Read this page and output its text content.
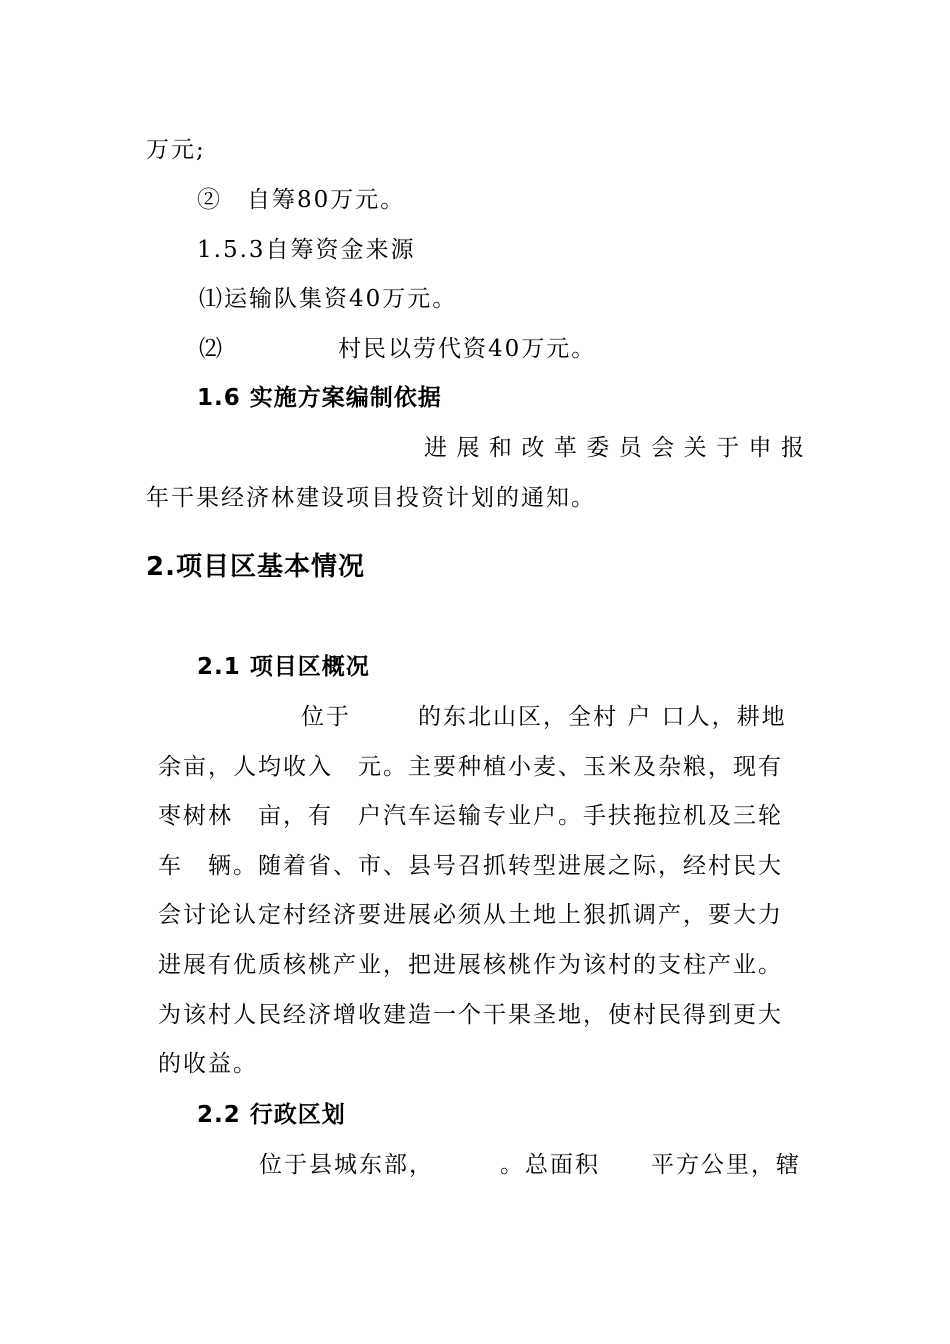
万元;
②　自筹80万元。
1.5.3自筹资金来源
⑴运输队集资40万元。
⑵	村民以劳代资40万元。
1.6 实施方案编制依据
进展和改革委员会关于申报
年干果经济林建设项目投资计划的通知。
2.项目区基本情况
2.1 项目区概况
位于	的东北山区，全村 户 口人，耕地
余亩，人均收入　元。主要种植小麦、玉米及杂粮，现有
枣树林　亩，有　户汽车运输专业户。手扶拖拉机及三轮
车　辆。随着省、市、县号召抓转型进展之际，经村民大
会讨论认定村经济要进展必须从土地上狠抓调产，要大力
进展有优质核桃产业，把进展核桃作为该村的支柱产业。
为该村人民经济增收建造一个干果圣地，使村民得到更大
的收益。
2.2 行政区划
位于县城东部，	。总面积 平方公里，辖
